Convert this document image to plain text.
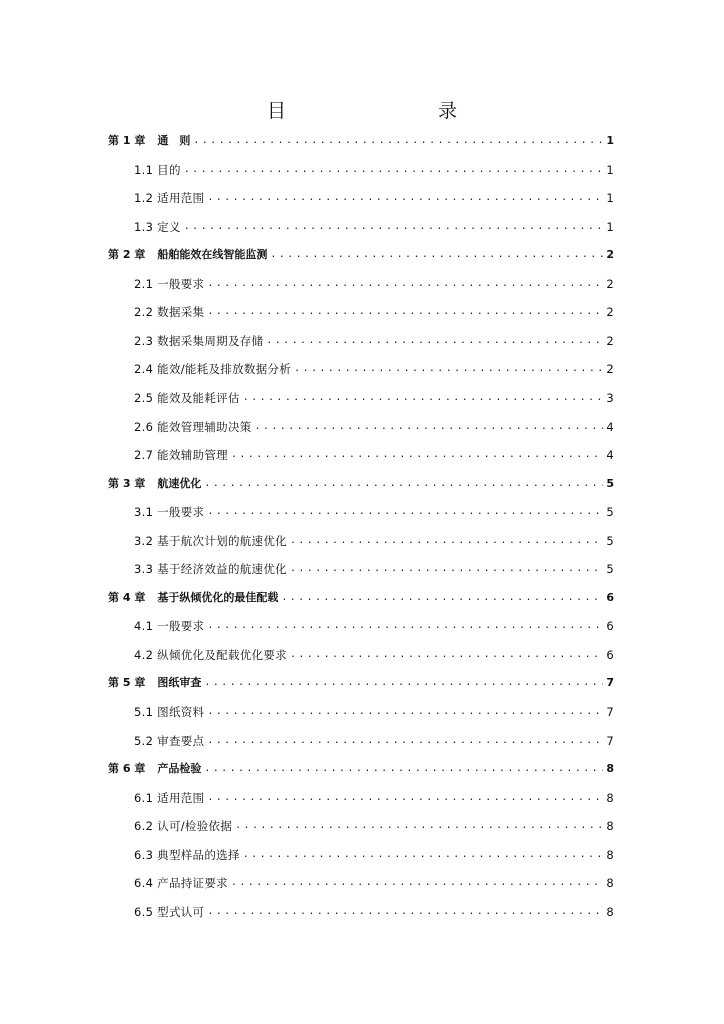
目　　录
第 1 章 通　则 .....	1
1.1 目的 .....	1
1.2 适用范围 .....	1
1.3 定义 .....	1
第 2 章 船舶能效在线智能监测 .....	2
2.1 一般要求 .....	2
2.2 数据采集 .....	2
2.3 数据采集周期及存储 .....	2
2.4 能效/能耗及排放数据分析 .....	2
2.5 能效及能耗评估 .....	3
2.6 能效管理辅助决策 .....	4
2.7 能效辅助管理 .....	4
第 3 章 航速优化 .....	5
3.1 一般要求 .....	5
3.2 基于航次计划的航速优化 .....	5
3.3 基于经济效益的航速优化 .....	5
第 4 章 基于纵倾优化的最佳配载 .....	6
4.1 一般要求 .....	6
4.2 纵倾优化及配载优化要求 .....	6
第 5 章 图纸审查 .....	7
5.1 图纸资料 .....	7
5.2 审查要点 .....	7
第 6 章 产品检验 .....	8
6.1 适用范围 .....	8
6.2 认可/检验依据 .....	8
6.3 典型样品的选择 .....	8
6.4 产品持证要求 .....	8
6.5 型式认可 .....	8
